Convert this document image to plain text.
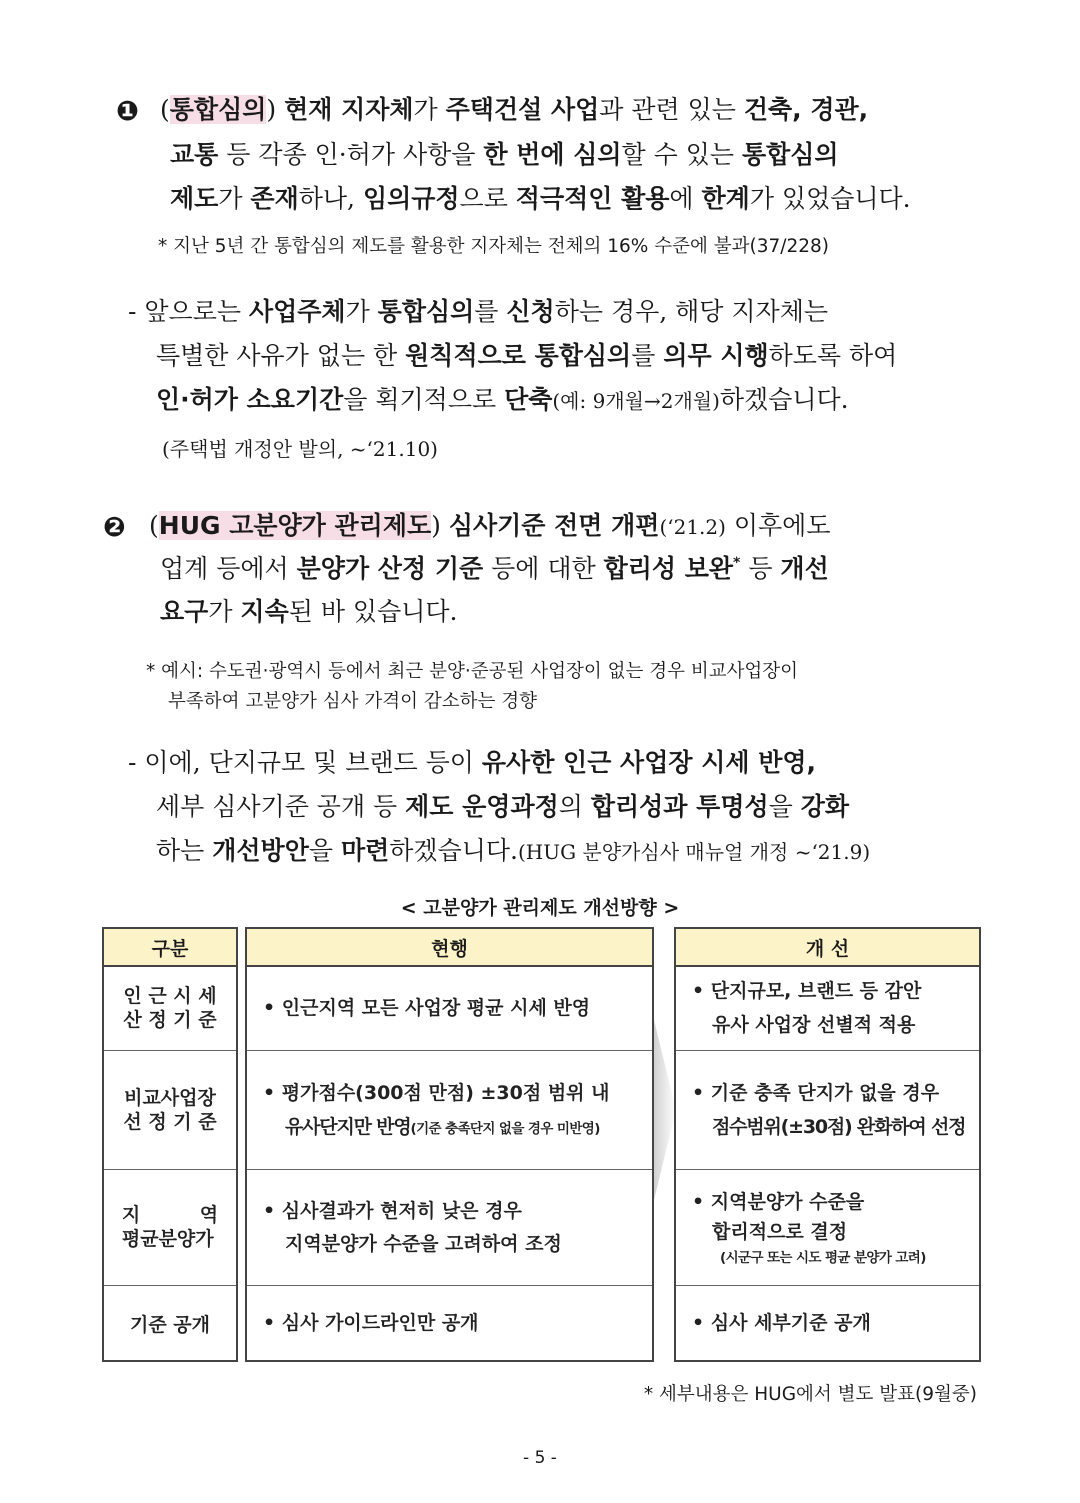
❶ (통합심의) 현재 지자체가 주택건설 사업과 관련 있는 건축, 경관,
교통 등 각종 인·허가 사항을 한 번에 심의할 수 있는 통합심의
제도가 존재하나, 임의규정으로 적극적인 활용에 한계가 있었습니다.
* 지난 5년 간 통합심의 제도를 활용한 지자체는 전체의 16% 수준에 불과(37/228)
- 앞으로는 사업주체가 통합심의를 신청하는 경우, 해당 지자체는
특별한 사유가 없는 한 원칙적으로 통합심의를 의무 시행하도록 하여
인·허가 소요기간을 획기적으로 단축(예: 9개월→2개월)하겠습니다.
(주택법 개정안 발의, ~‘21.10)
❷ (HUG 고분양가 관리제도) 심사기준 전면 개편(‘21.2) 이후에도
업계 등에서 분양가 산정 기준 등에 대한 합리성 보완* 등 개선
요구가 지속된 바 있습니다.
* 예시: 수도권·광역시 등에서 최근 분양·준공된 사업장이 없는 경우 비교사업장이
부족하여 고분양가 심사 가격이 감소하는 경향
- 이에, 단지규모 및 브랜드 등이 유사한 인근 사업장 시세 반영,
세부 심사기준 공개 등 제도 운영과정의 합리성과 투명성을 강화
하는 개선방안을 마련하겠습니다.(HUG 분양가심사 매뉴얼 개정 ~‘21.9)
< 고분양가 관리제도 개선방향 >
구분
인 근 시 세
산 정 기 준
비교사업장
선 정 기 준
지         역
평균분양가
기준 공개
현행
• 인근지역 모든 사업장 평균 시세 반영
• 평가점수(300점 만점) ±30점 범위 내
유사단지만 반영(기준 충족단지 없을 경우 미반영)
• 심사결과가 현저히 낮은 경우
지역분양가 수준을 고려하여 조정
• 심사 가이드라인만 공개
개 선
• 단지규모, 브랜드 등 감안
유사 사업장 선별적 적용
• 기준 충족 단지가 없을 경우
점수범위(±30점) 완화하여 선정
• 지역분양가 수준을
합리적으로 결정
(시군구 또는 시도 평균 분양가 고려)
• 심사 세부기준 공개
* 세부내용은 HUG에서 별도 발표(9월중)
- 5 -
